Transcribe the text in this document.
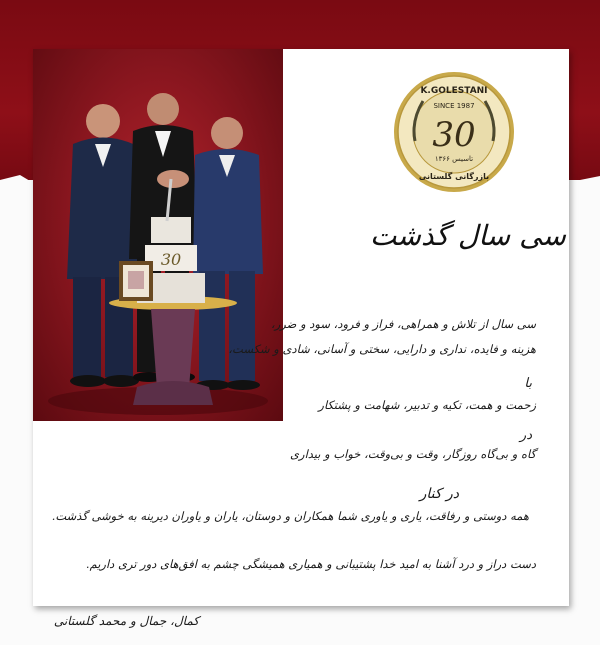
30
K.GOLESTANI
SINCE 1987
30
تاسیس ۱۳۶۶
بازرگانی گلستانی
سی سال گذشت
سی سال از تلاش و همراهی، فراز و فرود، سود و ضرر،
هزینه و فایده، نداری و دارایی، سختی و آسانی، شادی و شکست،
با
زحمت و همت، تکیه و تدبیر، شهامت و پشتکار
در
گاه و بی‌گاه روزگار، وقت و بی‌وقت، خواب و بیداری
در کنار
همه دوستی و رفاقت، یاری و یاوری شما همکاران و دوستان، یاران و یاوران دیرینه به خوشی گذشت.
دست دراز و درد آشنا به امید خدا پشتیبانی و همیاری همیشگی چشم به افق‌های دور تری داریم.
کمال، جمال و محمد گلستانی
